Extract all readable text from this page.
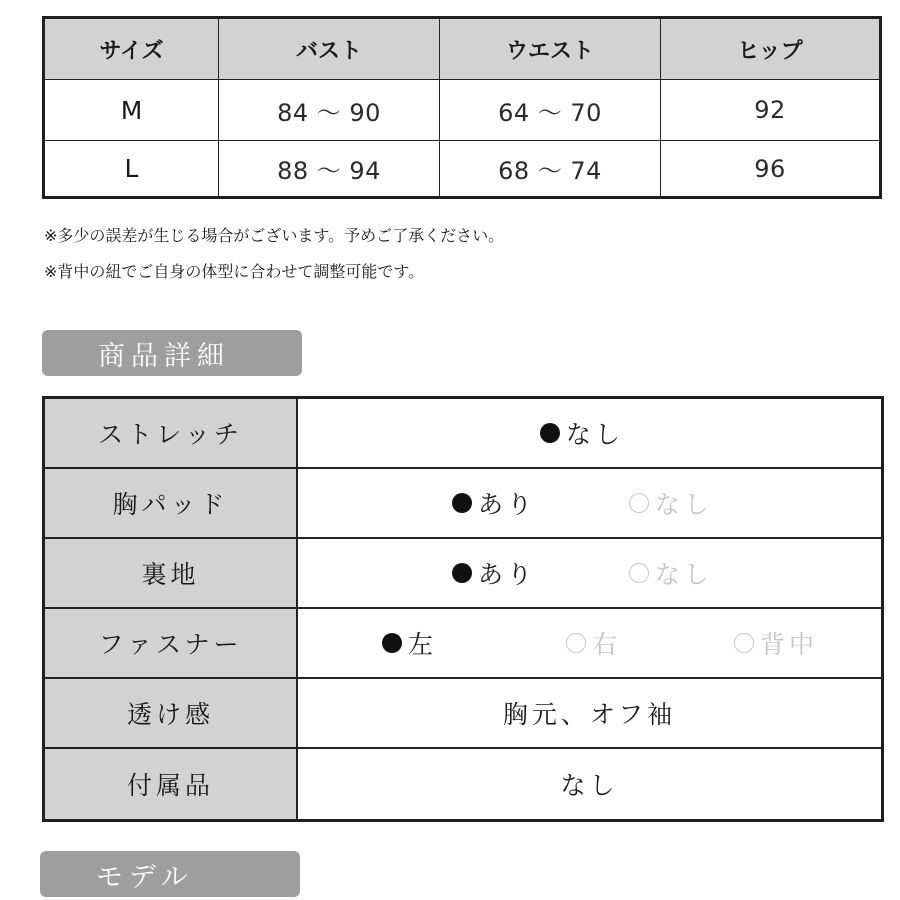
サイズ	バスト	ウエスト	ヒップ
M	84 ～ 90	64 ～ 70	92
L	88 ～ 94	68 ～ 74	96
※多少の誤差が生じる場合がございます。予めご了承ください。
※背中の紐でご自身の体型に合わせて調整可能です。
商品詳細
ストレッチ	なし
胸パッド	あり	なし
裏地	あり	なし
ファスナー	左	右	背中
透け感	胸元、オフ袖
付属品	なし
モデル
